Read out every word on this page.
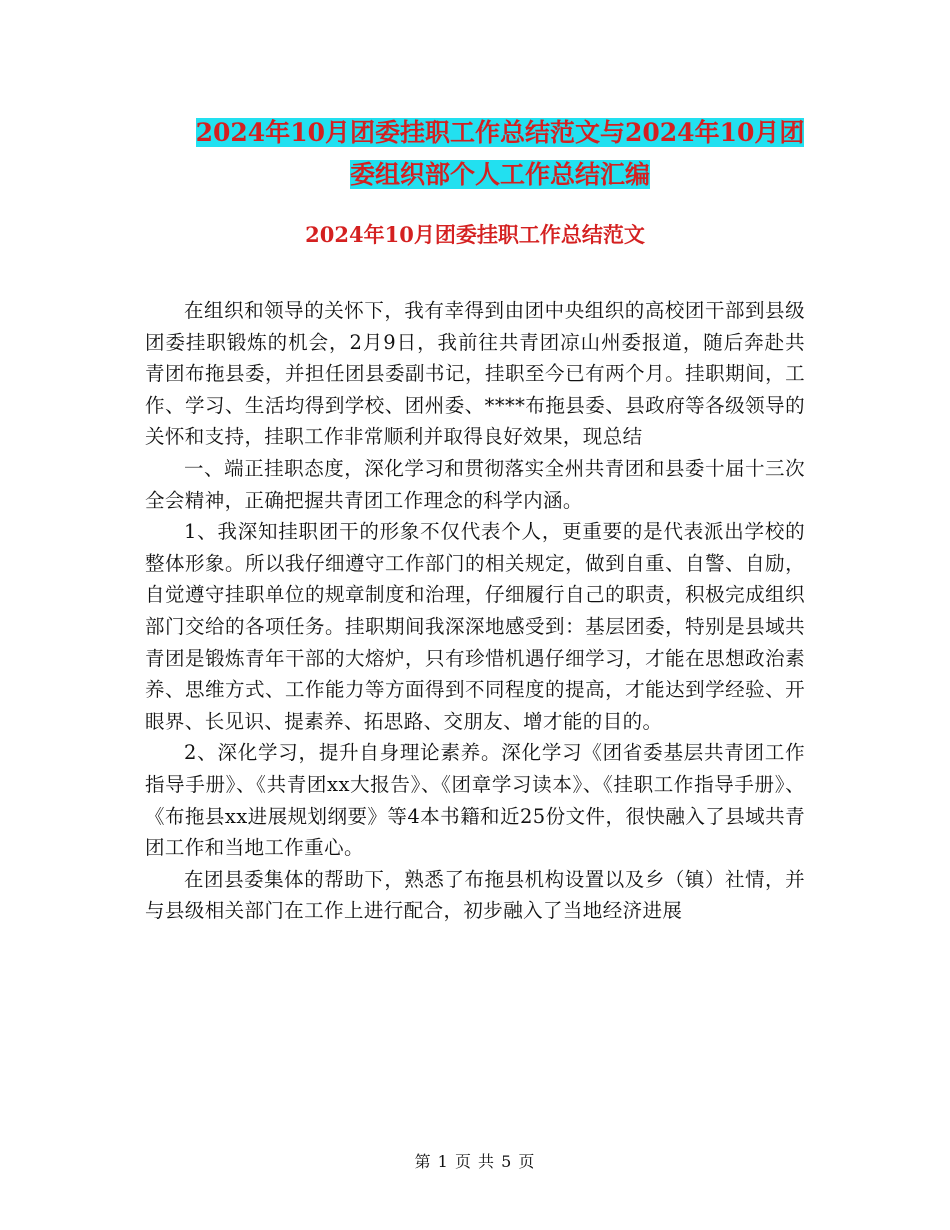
2024年10月团委挂职工作总结范文与2024年10月团
委组织部个人工作总结汇编
2024年10月团委挂职工作总结范文

在组织和领导的关怀下，我有幸得到由团中央组织的高校团干部到县级团委挂职锻炼的机会，2月9日，我前往共青团凉山州委报道，随后奔赴共青团布拖县委，并担任团县委副书记，挂职至今已有两个月。挂职期间，工作、学习、生活均得到学校、团州委、****布拖县委、县政府等各级领导的关怀和支持，挂职工作非常顺利并取得良好效果，现总结

一、端正挂职态度，深化学习和贯彻落实全州共青团和县委十届十三次全会精神，正确把握共青团工作理念的科学内涵。

1、我深知挂职团干的形象不仅代表个人，更重要的是代表派出学校的整体形象。所以我仔细遵守工作部门的相关规定，做到自重、自警、自励，自觉遵守挂职单位的规章制度和治理，仔细履行自己的职责，积极完成组织部门交给的各项任务。挂职期间我深深地感受到：基层团委，特别是县域共青团是锻炼青年干部的大熔炉，只有珍惜机遇仔细学习，才能在思想政治素养、思维方式、工作能力等方面得到不同程度的提高，才能达到学经验、开眼界、长见识、提素养、拓思路、交朋友、增才能的目的。

2、深化学习，提升自身理论素养。深化学习《团省委基层共青团工作指导手册》、《共青团xx大报告》、《团章学习读本》、《挂职工作指导手册》、《布拖县xx进展规划纲要》等4本书籍和近25份文件，很快融入了县域共青团工作和当地工作重心。

在团县委集体的帮助下，熟悉了布拖县机构设置以及乡（镇）社情，并与县级相关部门在工作上进行配合，初步融入了当地经济进展

第 1 页 共 5 页
